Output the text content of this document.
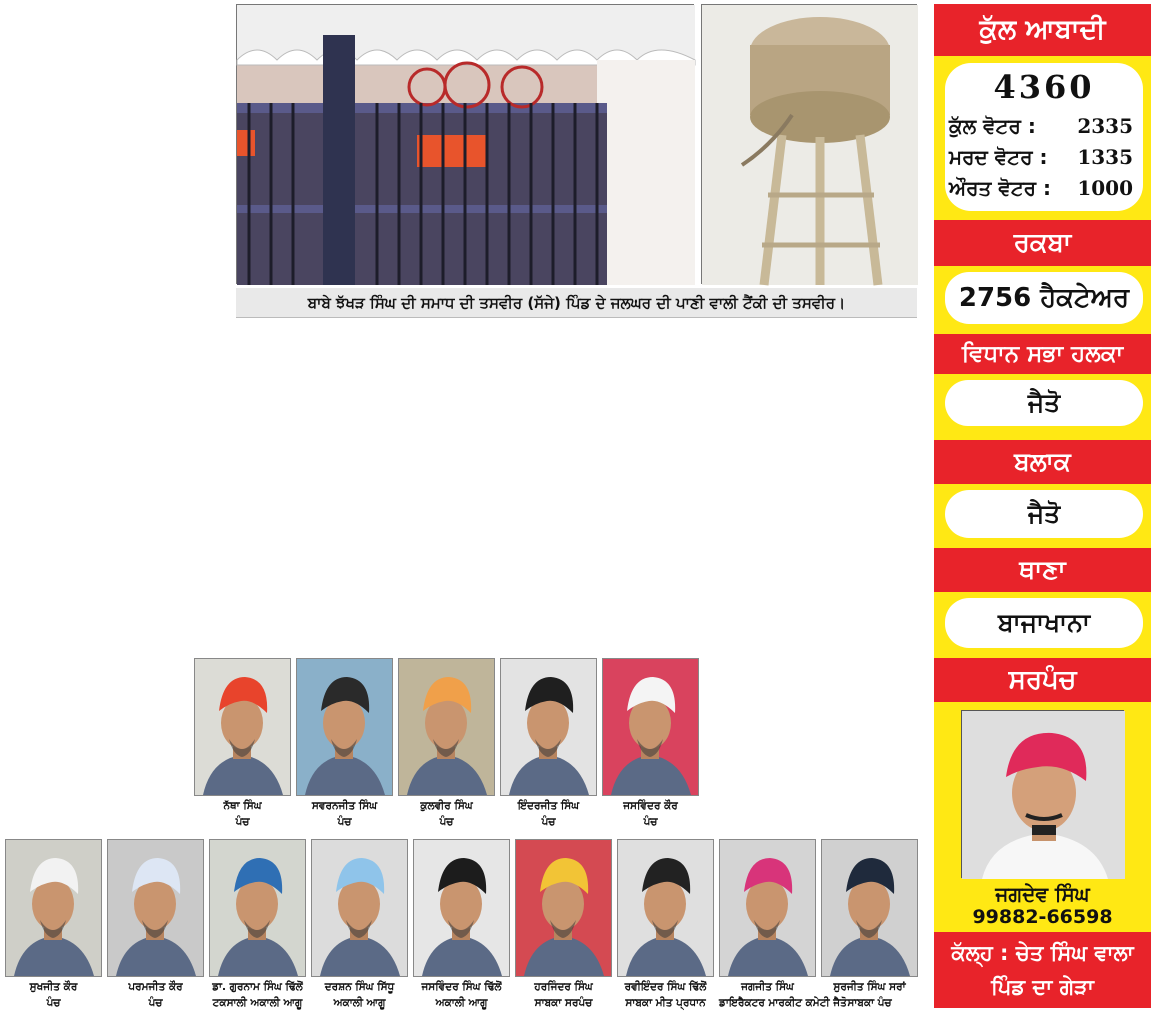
ਬਾਬੇ ਝੱਖੜ ਸਿੰਘ ਦੀ ਸਮਾਧ ਦੀ ਤਸਵੀਰ (ਸੱਜੇ) ਪਿੰਡ ਦੇ ਜਲਘਰ ਦੀ ਪਾਣੀ ਵਾਲੀ ਟੈਂਕੀ ਦੀ ਤਸਵੀਰ।
ਕੁੱਲ ਆਬਾਦੀ
4360
ਕੁੱਲ ਵੋਟਰ : 2335
ਮਰਦ ਵੋਟਰ : 1335
ਔਰਤ ਵੋਟਰ : 1000
ਰਕਬਾ
2756 ਹੈਕਟੇਅਰ
ਵਿਧਾਨ ਸਭਾ ਹਲਕਾ
ਜੈਤੋ
ਬਲਾਕ
ਜੈਤੋ
ਥਾਣਾ
ਬਾਜਾਖਾਨਾ
ਸਰਪੰਚ
ਜਗਦੇਵ ਸਿੰਘ
99882-66598
ਕੱਲ੍ਹ : ਚੇਤ ਸਿੰਘ ਵਾਲਾ
ਪਿੰਡ ਦਾ ਗੇੜਾ
ਨੱਥਾ ਸਿੰਘ
ਪੰਚ
ਸਵਰਨਜੀਤ ਸਿੰਘ
ਪੰਚ
ਕੁਲਵੀਰ ਸਿੰਘ
ਪੰਚ
ਇੰਦਰਜੀਤ ਸਿੰਘ
ਪੰਚ
ਜਸਵਿੰਦਰ ਕੌਰ
ਪੰਚ
ਸੁਖਜੀਤ ਕੌਰ
ਪੰਚ
ਪਰਮਜੀਤ ਕੌਰ
ਪੰਚ
ਡਾ. ਗੁਰਨਾਮ ਸਿੰਘ ਢਿੱਲੋਂ
ਟਕਸਾਲੀ ਅਕਾਲੀ ਆਗੂ
ਦਰਸ਼ਨ ਸਿੰਘ ਸਿੱਧੂ
ਅਕਾਲੀ ਆਗੂ
ਜਸਵਿੰਦਰ ਸਿੰਘ ਢਿੱਲੋਂ
ਅਕਾਲੀ ਆਗੂ
ਹਰਜਿੰਦਰ ਸਿੰਘ
ਸਾਬਕਾ ਸਰਪੰਚ
ਰਵੀਇੰਦਰ ਸਿੰਘ ਢਿੱਲੋਂ
ਸਾਬਕਾ ਮੀਤ ਪ੍ਰਧਾਨ
ਜਗਜੀਤ ਸਿੰਘ
ਡਾਇਰੈਕਟਰ ਮਾਰਕੀਟ ਕਮੇਟੀ ਜੈਤੋ
ਸੁਰਜੀਤ ਸਿੰਘ ਸਰਾਂ
ਸਾਬਕਾ ਪੰਚ
